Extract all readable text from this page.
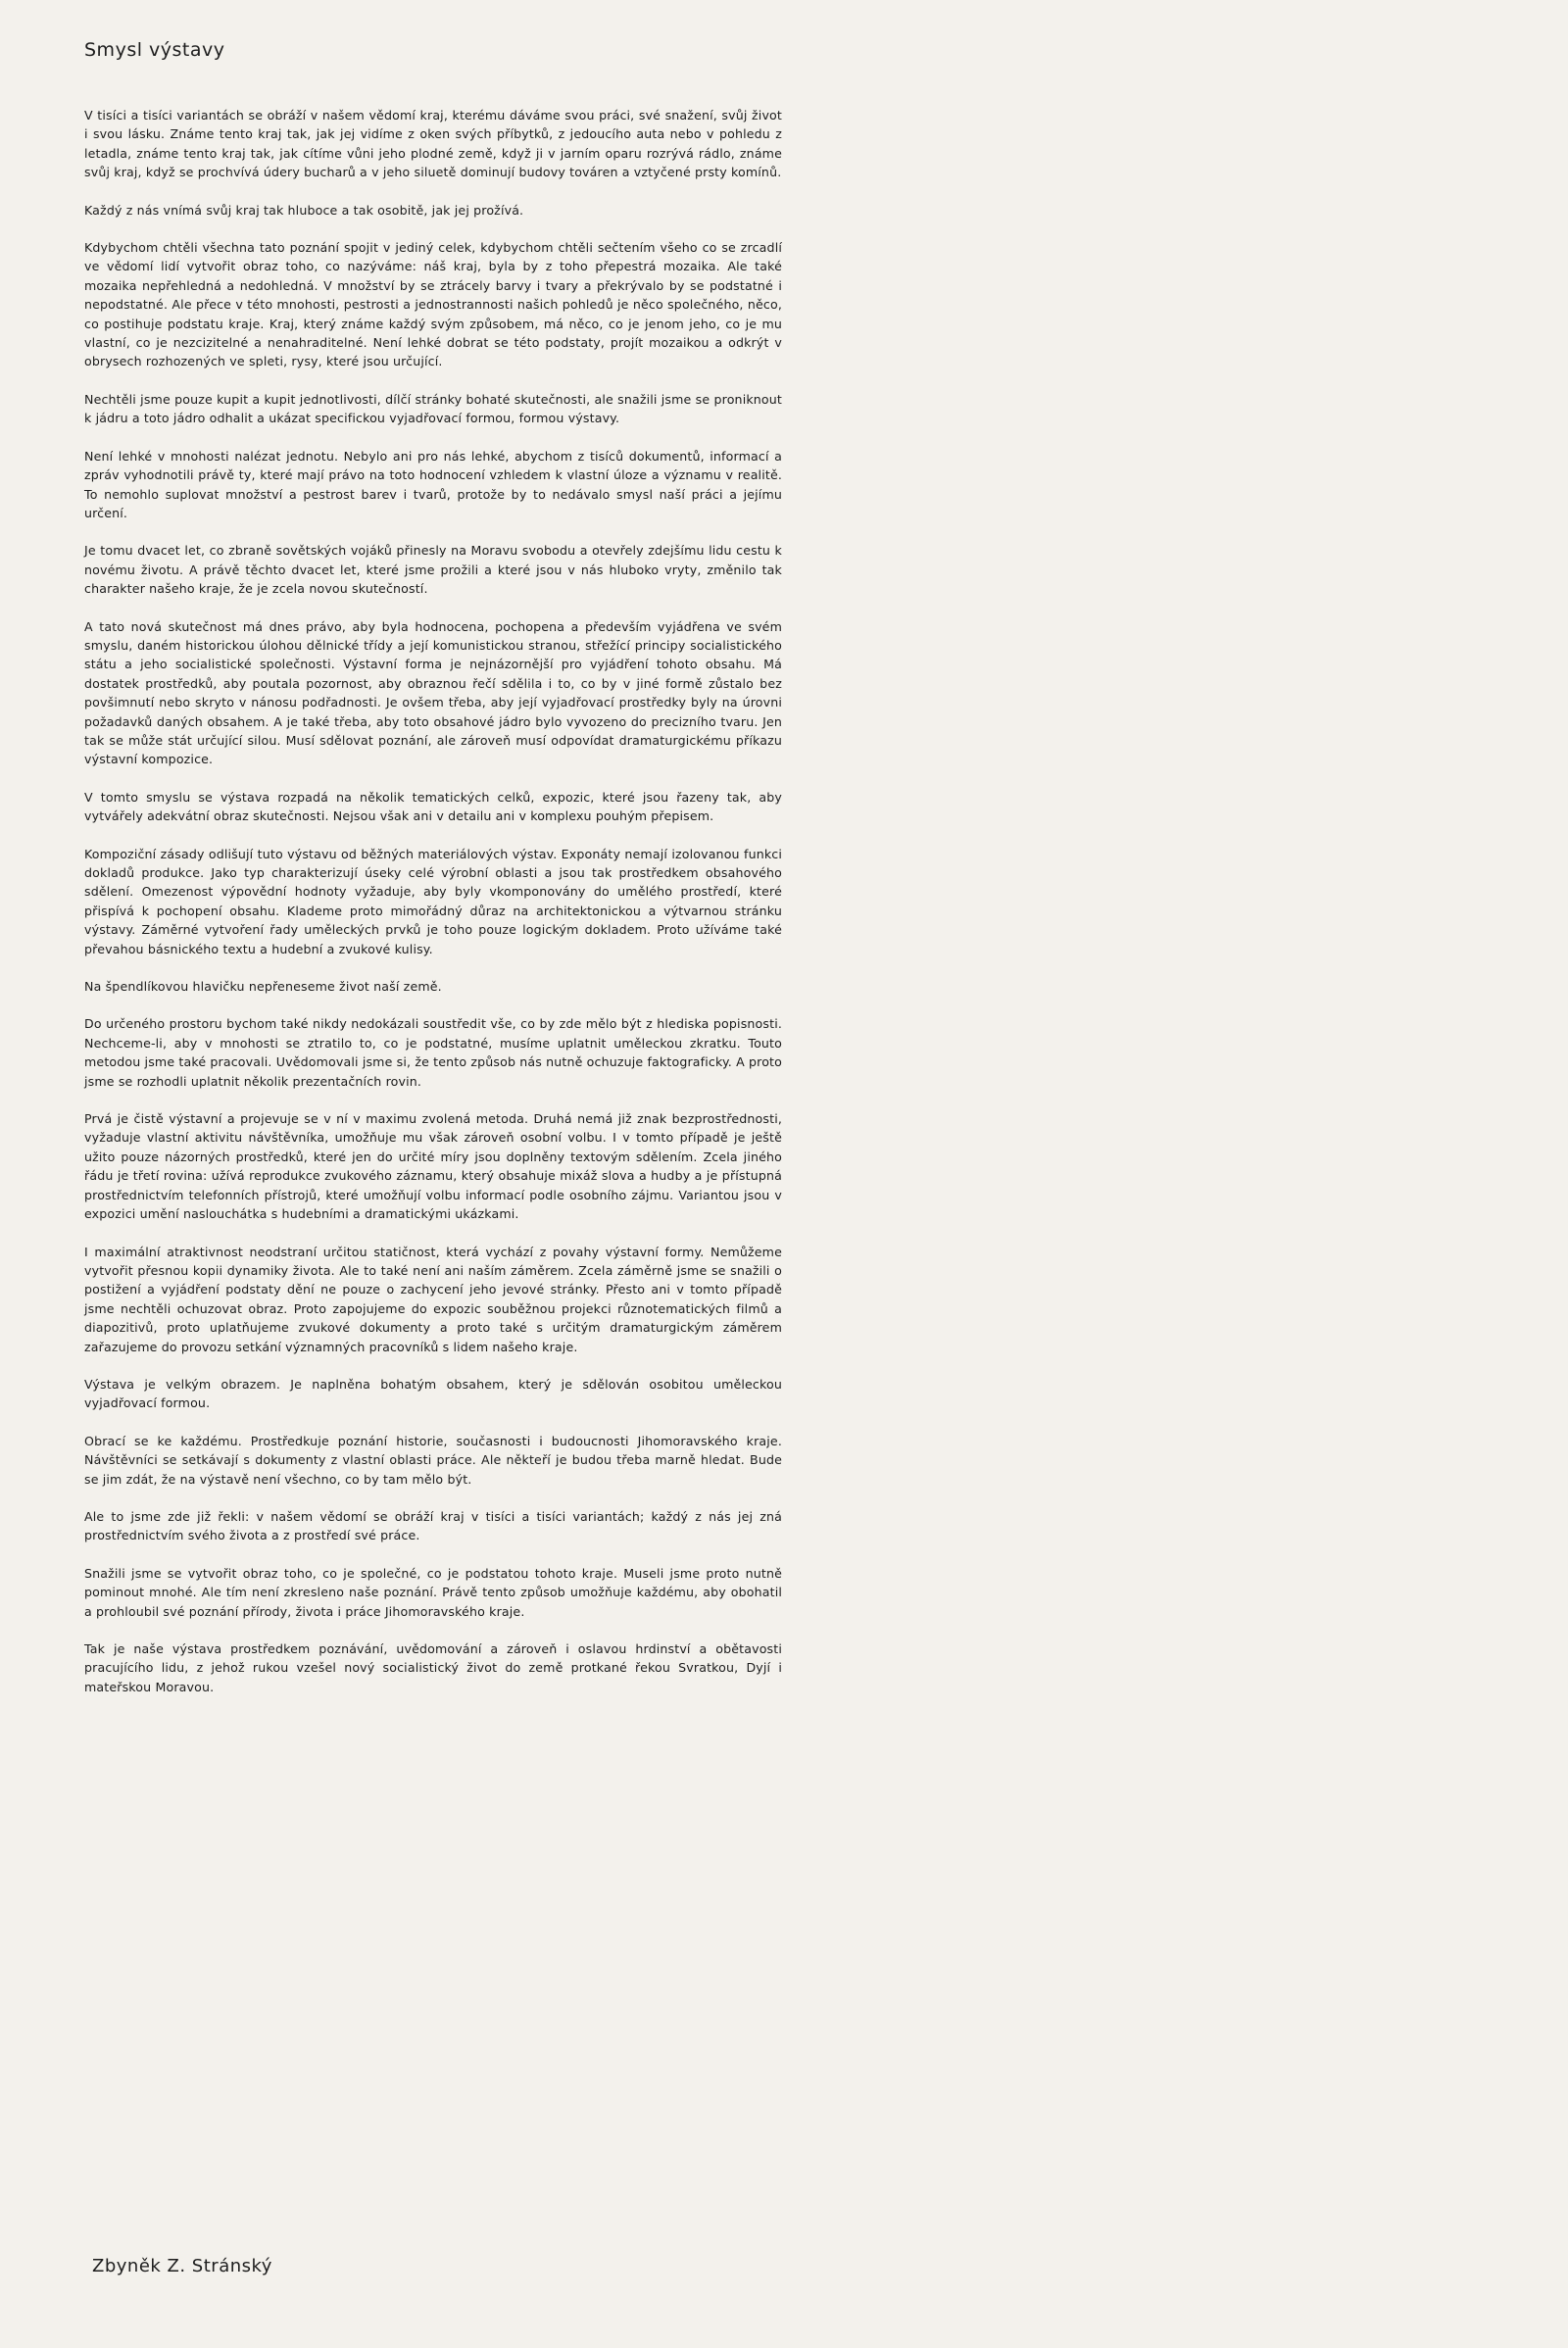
Smysl výstavy

V tisíci a tisíci variantách se obráží v našem vědomí kraj, kterému dáváme svou práci, své snažení, svůj život i svou lásku. Známe tento kraj tak, jak jej vidíme z oken svých příbytků, z jedoucího auta nebo v pohledu z letadla, známe tento kraj tak, jak cítíme vůni jeho plodné země, když ji v jarním oparu rozrývá rádlo, známe svůj kraj, když se prochvívá údery bucharů a v jeho siluetě dominují budovy továren a vztyčené prsty komínů.

Každý z nás vnímá svůj kraj tak hluboce a tak osobitě, jak jej prožívá.

Kdybychom chtěli všechna tato poznání spojit v jediný celek, kdybychom chtěli sečtením všeho co se zrcadlí ve vědomí lidí vytvořit obraz toho, co nazýváme: náš kraj, byla by z toho přepestrá mozaika. Ale také mozaika nepřehledná a nedohledná. V množství by se ztrácely barvy i tvary a překrývalo by se podstatné i nepodstatné. Ale přece v této mnohosti, pestrosti a jednostrannosti našich pohledů je něco společného, něco, co postihuje podstatu kraje. Kraj, který známe každý svým způsobem, má něco, co je jenom jeho, co je mu vlastní, co je nezcizitelné a nenahraditelné. Není lehké dobrat se této podstaty, projít mozaikou a odkrýt v obrysech rozhozených ve spleti, rysy, které jsou určující.

Nechtěli jsme pouze kupit a kupit jednotlivosti, dílčí stránky bohaté skutečnosti, ale snažili jsme se proniknout k jádru a toto jádro odhalit a ukázat specifickou vyjadřovací formou, formou výstavy.

Není lehké v mnohosti nalézat jednotu. Nebylo ani pro nás lehké, abychom z tisíců dokumentů, informací a zpráv vyhodnotili právě ty, které mají právo na toto hodnocení vzhledem k vlastní úloze a významu v realitě. To nemohlo suplovat množství a pestrost barev i tvarů, protože by to nedávalo smysl naší práci a jejímu určení.

Je tomu dvacet let, co zbraně sovětských vojáků přinesly na Moravu svobodu a otevřely zdejšímu lidu cestu k novému životu. A právě těchto dvacet let, které jsme prožili a které jsou v nás hluboko vryty, změnilo tak charakter našeho kraje, že je zcela novou skutečností.

A tato nová skutečnost má dnes právo, aby byla hodnocena, pochopena a především vyjádřena ve svém smyslu, daném historickou úlohou dělnické třídy a její komunistickou stranou, střežící principy socialistického státu a jeho socialistické společnosti. Výstavní forma je nejnázornější pro vyjádření tohoto obsahu. Má dostatek prostředků, aby poutala pozornost, aby obraznou řečí sdělila i to, co by v jiné formě zůstalo bez povšimnutí nebo skryto v nánosu podřadnosti. Je ovšem třeba, aby její vyjadřovací prostředky byly na úrovni požadavků daných obsahem. A je také třeba, aby toto obsahové jádro bylo vyvozeno do precizního tvaru. Jen tak se může stát určující silou. Musí sdělovat poznání, ale zároveň musí odpovídat dramaturgickému příkazu výstavní kompozice.

V tomto smyslu se výstava rozpadá na několik tematických celků, expozic, které jsou řazeny tak, aby vytvářely adekvátní obraz skutečnosti. Nejsou však ani v detailu ani v komplexu pouhým přepisem.

Kompoziční zásady odlišují tuto výstavu od běžných materiálových výstav. Exponáty nemají izolovanou funkci dokladů produkce. Jako typ charakterizují úseky celé výrobní oblasti a jsou tak prostředkem obsahového sdělení. Omezenost výpovědní hodnoty vyžaduje, aby byly vkomponovány do umělého prostředí, které přispívá k pochopení obsahu. Klademe proto mimořádný důraz na architektonickou a výtvarnou stránku výstavy. Záměrné vytvoření řady uměleckých prvků je toho pouze logickým dokladem. Proto užíváme také převahou básnického textu a hudební a zvukové kulisy.

Na špendlíkovou hlavičku nepřeneseme život naší země.

Do určeného prostoru bychom také nikdy nedokázali soustředit vše, co by zde mělo být z hlediska popisnosti. Nechceme-li, aby v mnohosti se ztratilo to, co je podstatné, musíme uplatnit uměleckou zkratku. Touto metodou jsme také pracovali. Uvědomovali jsme si, že tento způsob nás nutně ochuzuje faktograficky. A proto jsme se rozhodli uplatnit několik prezentačních rovin.

Prvá je čistě výstavní a projevuje se v ní v maximu zvolená metoda. Druhá nemá již znak bezprostřednosti, vyžaduje vlastní aktivitu návštěvníka, umožňuje mu však zároveň osobní volbu. I v tomto případě je ještě užito pouze názorných prostředků, které jen do určité míry jsou doplněny textovým sdělením. Zcela jiného řádu je třetí rovina: užívá reprodukce zvukového záznamu, který obsahuje mixáž slova a hudby a je přístupná prostřednictvím telefonních přístrojů, které umožňují volbu informací podle osobního zájmu. Variantou jsou v expozici umění naslouchátka s hudebními a dramatickými ukázkami.

I maximální atraktivnost neodstraní určitou statičnost, která vychází z povahy výstavní formy. Nemůžeme vytvořit přesnou kopii dynamiky života. Ale to také není ani naším záměrem. Zcela záměrně jsme se snažili o postižení a vyjádření podstaty dění ne pouze o zachycení jeho jevové stránky. Přesto ani v tomto případě jsme nechtěli ochuzovat obraz. Proto zapojujeme do expozic souběžnou projekci různotematických filmů a diapozitivů, proto uplatňujeme zvukové dokumenty a proto také s určitým dramaturgickým záměrem zařazujeme do provozu setkání významných pracovníků s lidem našeho kraje.

Výstava je velkým obrazem. Je naplněna bohatým obsahem, který je sdělován osobitou uměleckou vyjadřovací formou.

Obrací se ke každému. Prostředkuje poznání historie, současnosti i budoucnosti Jihomoravského kraje. Návštěvníci se setkávají s dokumenty z vlastní oblasti práce. Ale někteří je budou třeba marně hledat. Bude se jim zdát, že na výstavě není všechno, co by tam mělo být.

Ale to jsme zde již řekli: v našem vědomí se obráží kraj v tisíci a tisíci variantách; každý z nás jej zná prostřednictvím svého života a z prostředí své práce.

Snažili jsme se vytvořit obraz toho, co je společné, co je podstatou tohoto kraje. Museli jsme proto nutně pominout mnohé. Ale tím není zkresleno naše poznání. Právě tento způsob umožňuje každému, aby obohatil a prohloubil své poznání přírody, života i práce Jihomoravského kraje.

Tak je naše výstava prostředkem poznávání, uvědomování a zároveň i oslavou hrdinství a obětavosti pracujícího lidu, z jehož rukou vzešel nový socialistický život do země protkané řekou Svratkou, Dyjí i mateřskou Moravou.

Zbyněk Z. Stránský
